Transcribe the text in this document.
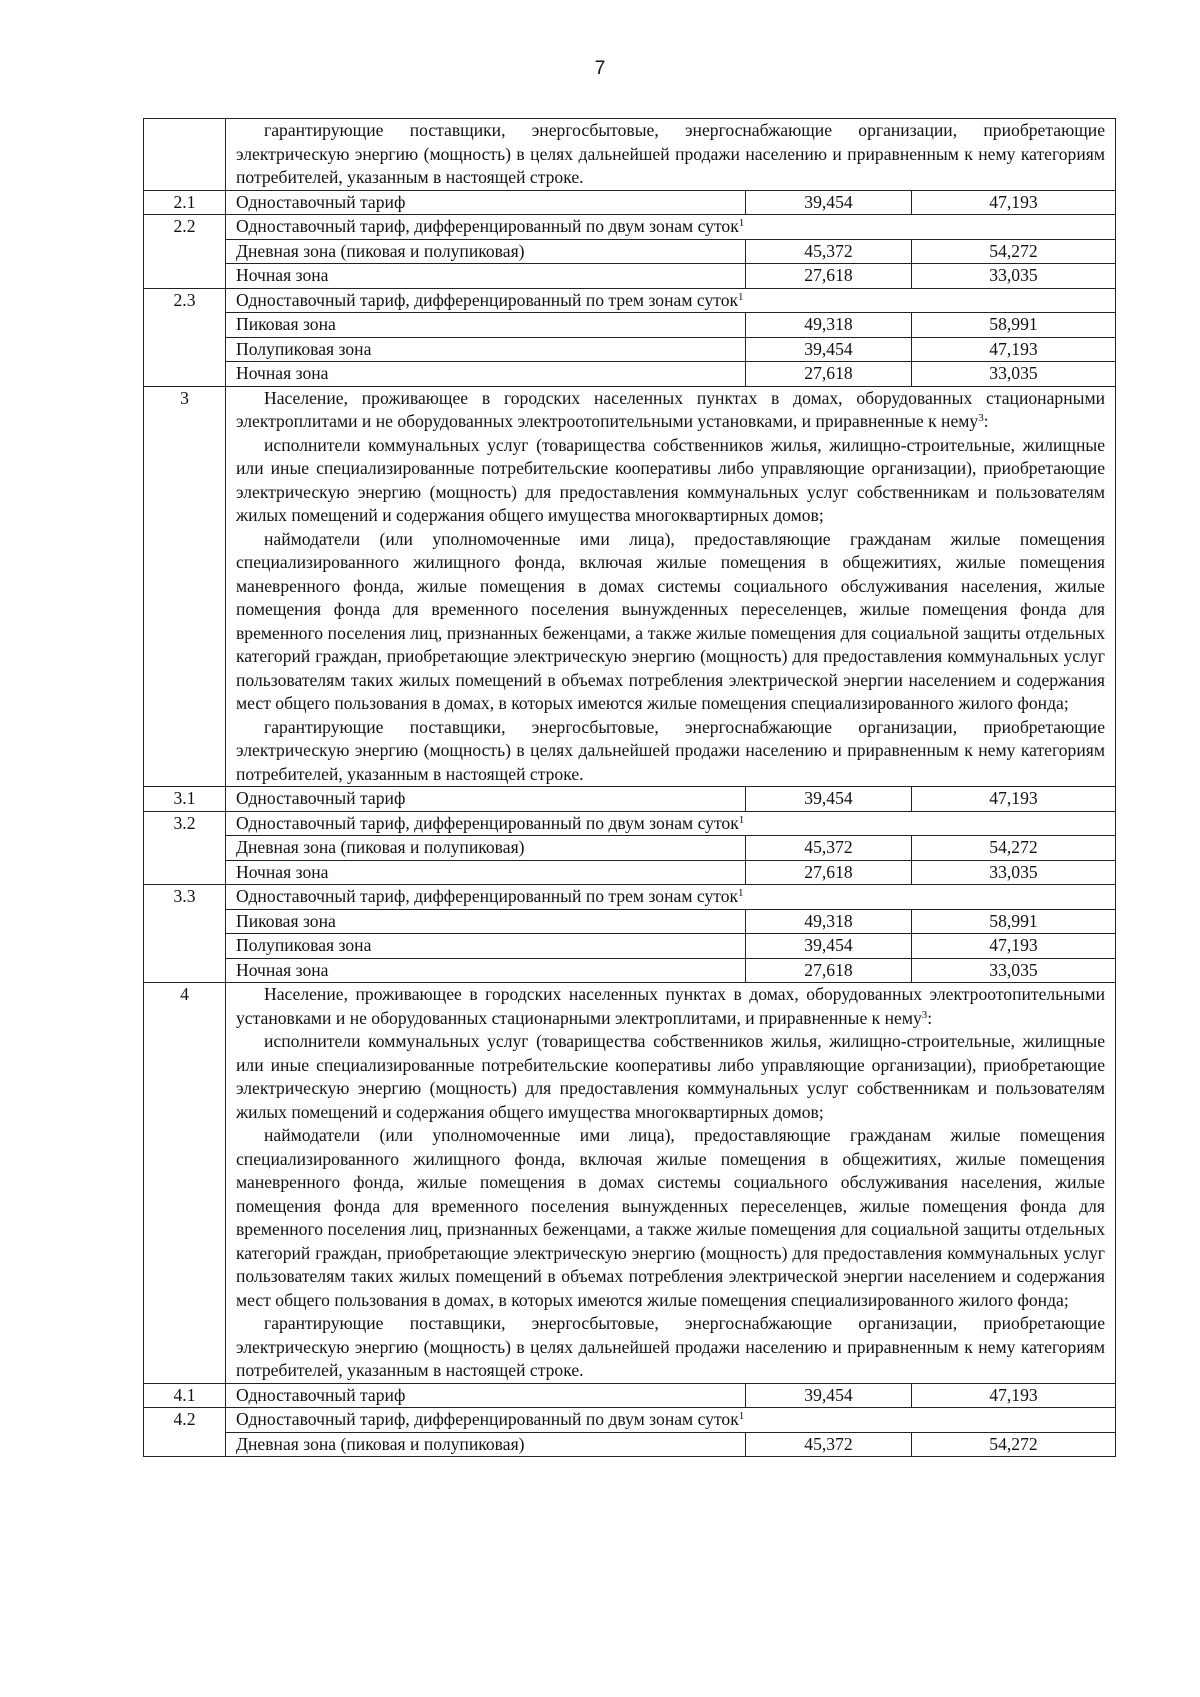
7

	гарантирующие поставщики, энергосбытовые, энергоснабжающие организации, приобретающие электрическую энергию (мощность) в целях дальнейшей продажи населению и приравненным к нему категориям потребителей, указанным в настоящей строке.		

2.1	Одноставочный тариф	39,454	47,193
2.2	Одноставочный тариф, дифференцированный по двум зонам суток$^1$
	Дневная зона (пиковая и полупиковая)	45,372	54,272
	Ночная зона	27,618	33,035
2.3	Одноставочный тариф, дифференцированный по трем зонам суток$^1$
	Пиковая зона	49,318	58,991
	Полупиковая зона	39,454	47,193
	Ночная зона	27,618	33,035
3	Население, проживающее в городских населенных пунктах в домах, оборудованных стационарными электроплитами и не оборудованных электроотопительными установками, и приравненные к нему$^3$:

исполнители коммунальных услуг (товарищества собственников жилья, жилищно-строительные, жилищные или иные специализированные потребительские кооперативы либо управляющие организации), приобретающие электрическую энергию (мощность) для предоставления коммунальных услуг собственникам и пользователям жилых помещений и содержания общего имущества многоквартирных домов;

наймодатели (или уполномоченные ими лица), предоставляющие гражданам жилые помещения специализированного жилищного фонда, включая жилые помещения в общежитиях, жилые помещения маневренного фонда, жилые помещения в домах системы социального обслуживания населения, жилые помещения фонда для временного поселения вынужденных переселенцев, жилые помещения фонда для временного поселения лиц, признанных беженцами, а также жилые помещения для социальной защиты отдельных категорий граждан, приобретающие электрическую энергию (мощность) для предоставления коммунальных услуг пользователям таких жилых помещений в объемах потребления электрической энергии населением и содержания мест общего пользования в домах, в которых имеются жилые помещения специализированного жилого фонда;

гарантирующие поставщики, энергосбытовые, энергоснабжающие организации, приобретающие электрическую энергию (мощность) в целях дальнейшей продажи населению и приравненным к нему категориям потребителей, указанным в настоящей строке.		

3.1	Одноставочный тариф	39,454	47,193
3.2	Одноставочный тариф, дифференцированный по двум зонам суток$^1$
	Дневная зона (пиковая и полупиковая)	45,372	54,272
	Ночная зона	27,618	33,035
3.3	Одноставочный тариф, дифференцированный по трем зонам суток$^1$
	Пиковая зона	49,318	58,991
	Полупиковая зона	39,454	47,193
	Ночная зона	27,618	33,035
4	Население, проживающее в городских населенных пунктах в домах, оборудованных электроотопительными установками и не оборудованных стационарными электроплитами, и приравненные к нему$^3$:

исполнители коммунальных услуг (товарищества собственников жилья, жилищно-строительные, жилищные или иные специализированные потребительские кооперативы либо управляющие организации), приобретающие электрическую энергию (мощность) для предоставления коммунальных услуг собственникам и пользователям жилых помещений и содержания общего имущества многоквартирных домов;

наймодатели (или уполномоченные ими лица), предоставляющие гражданам жилые помещения специализированного жилищного фонда, включая жилые помещения в общежитиях, жилые помещения маневренного фонда, жилые помещения в домах системы социального обслуживания населения, жилые помещения фонда для временного поселения вынужденных переселенцев, жилые помещения фонда для временного поселения лиц, признанных беженцами, а также жилые помещения для социальной защиты отдельных категорий граждан, приобретающие электрическую энергию (мощность) для предоставления коммунальных услуг пользователям таких жилых помещений в объемах потребления электрической энергии населением и содержания мест общего пользования в домах, в которых имеются жилые помещения специализированного жилого фонда;

гарантирующие поставщики, энергосбытовые, энергоснабжающие организации, приобретающие электрическую энергию (мощность) в целях дальнейшей продажи населению и приравненным к нему категориям потребителей, указанным в настоящей строке.		

4.1	Одноставочный тариф	39,454	47,193
4.2	Одноставочный тариф, дифференцированный по двум зонам суток$^1$
	Дневная зона (пиковая и полупиковая)	45,372	54,272
